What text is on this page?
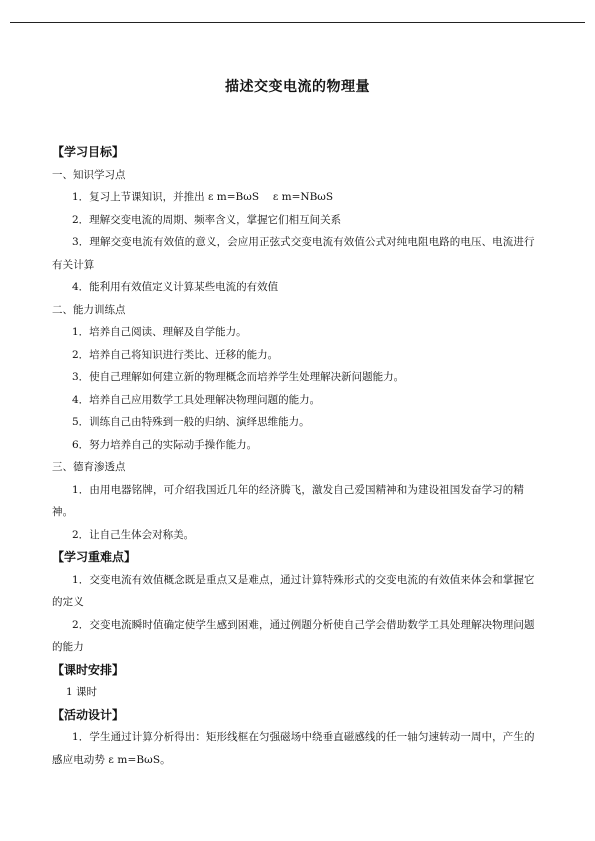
描述交变电流的物理量
【学习目标】
一、知识学习点
1．复习上节课知识，并推出 ε m=BωS　 ε m=NBωS
2．理解交变电流的周期、频率含义，掌握它们相互间关系
3．理解交变电流有效值的意义，会应用正弦式交变电流有效值公式对纯电阻电路的电压、电流进行有关计算
4．能利用有效值定义计算某些电流的有效值
二、能力训练点
1．培养自己阅读、理解及自学能力。
2．培养自己将知识进行类比、迁移的能力。
3．使自己理解如何建立新的物理概念而培养学生处理解决新问题能力。
4．培养自己应用数学工具处理解决物理问题的能力。
5．训练自己由特殊到一般的归纳、演绎思维能力。
6．努力培养自己的实际动手操作能力。
三、德育渗透点
1．由用电器铭牌，可介绍我国近几年的经济腾飞，激发自己爱国精神和为建设祖国发奋学习的精神。
2．让自己生体会对称美。
【学习重难点】
1．交变电流有效值概念既是重点又是难点，通过计算特殊形式的交变电流的有效值来体会和掌握它的定义
2．交变电流瞬时值确定使学生感到困难，通过例题分析使自己学会借助数学工具处理解决物理问题的能力
【课时安排】
1 课时
【活动设计】
1．学生通过计算分析得出：矩形线框在匀强磁场中绕垂直磁感线的任一轴匀速转动一周中，产生的感应电动势 ε m=BωS。
